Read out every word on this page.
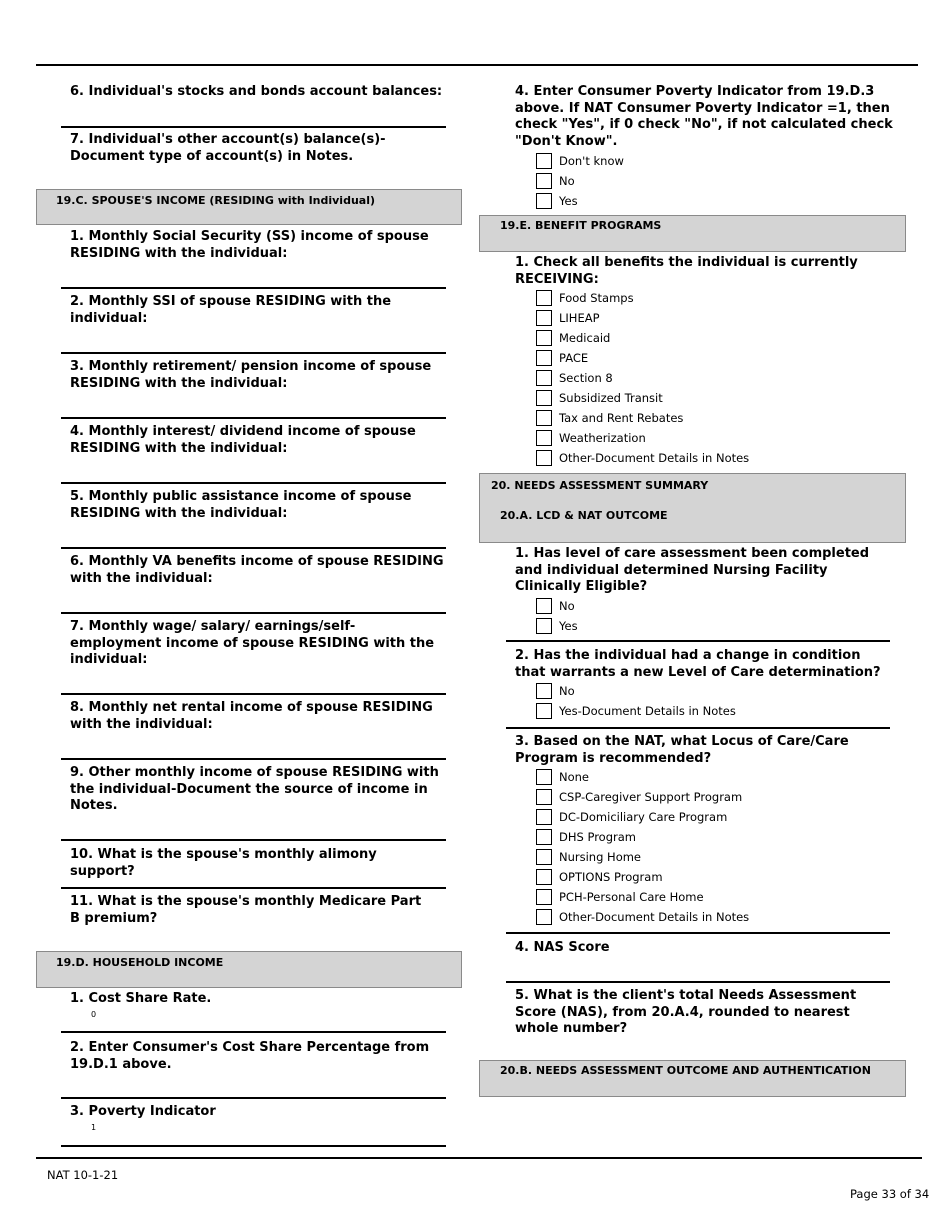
6. Individual's stocks and bonds account balances:
7. Individual's other account(s) balance(s)-Document type of account(s) in Notes.
19.C. SPOUSE'S INCOME (RESIDING with Individual)
1. Monthly Social Security (SS) income of spouse RESIDING with the individual:
2. Monthly SSI of spouse RESIDING with the individual:
3. Monthly retirement/ pension income of spouse RESIDING with the individual:
4. Monthly interest/ dividend income of spouse RESIDING with the individual:
5. Monthly public assistance income of spouse RESIDING with the individual:
6. Monthly VA benefits income of spouse RESIDING with the individual:
7. Monthly wage/ salary/ earnings/self-employment income of spouse RESIDING with the individual:
8. Monthly net rental income of spouse RESIDING with the individual:
9. Other monthly income of spouse RESIDING with the individual-Document the source of income in Notes.
10. What is the spouse's monthly alimony support?
11. What is the spouse's monthly Medicare Part B premium?
19.D. HOUSEHOLD INCOME
1. Cost Share Rate.
0
2. Enter Consumer's Cost Share Percentage from 19.D.1 above.
3. Poverty Indicator
1
4. Enter Consumer Poverty Indicator from 19.D.3 above. If NAT Consumer Poverty Indicator =1, then check "Yes", if 0 check "No", if not calculated check "Don't Know".
Don't know
No
Yes
19.E. BENEFIT PROGRAMS
1. Check all benefits the individual is currently RECEIVING:
Food Stamps
LIHEAP
Medicaid
PACE
Section 8
Subsidized Transit
Tax and Rent Rebates
Weatherization
Other-Document Details in Notes
20. NEEDS ASSESSMENT SUMMARY
20.A. LCD & NAT OUTCOME
1. Has level of care assessment been completed and individual determined Nursing Facility Clinically Eligible?
No
Yes
2. Has the individual had a change in condition that warrants a new Level of Care determination?
No
Yes-Document Details in Notes
3. Based on the NAT, what Locus of Care/Care Program is recommended?
None
CSP-Caregiver Support Program
DC-Domiciliary Care Program
DHS Program
Nursing Home
OPTIONS Program
PCH-Personal Care Home
Other-Document Details in Notes
4. NAS Score
5. What is the client's total Needs Assessment Score (NAS), from 20.A.4, rounded to nearest whole number?
20.B. NEEDS ASSESSMENT OUTCOME AND AUTHENTICATION
NAT 10-1-21
Page 33 of 34
